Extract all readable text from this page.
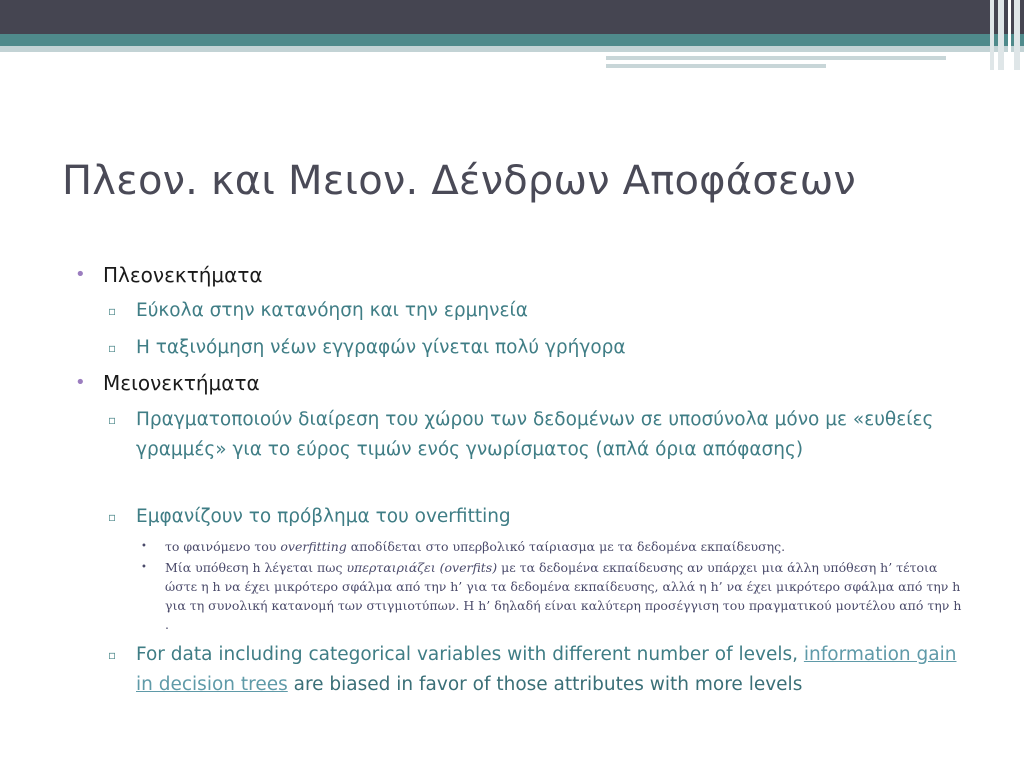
Πλεον. και Μειον. Δένδρων Αποφάσεων
• Πλεονεκτήματα
▫ Εύκολα στην κατανόηση και την ερμηνεία
▫ Η ταξινόμηση νέων εγγραφών γίνεται πολύ γρήγορα
• Μειονεκτήματα
▫ Πραγματοποιούν διαίρεση του χώρου των δεδομένων σε υποσύνολα μόνο με «ευθείες γραμμές» για το εύρος τιμών ενός γνωρίσματος (απλά όρια απόφασης)
▫ Εμφανίζουν το πρόβλημα του overfitting
• το φαινόμενο του overfitting αποδίδεται στο υπερβολικό ταίριασμα με τα δεδομένα εκπαίδευσης.
• Μία υπόθεση h λέγεται πως υπερταιριάζει (overfits) με τα δεδομένα εκπαίδευσης αν υπάρχει μια άλλη υπόθεση h’ τέτοια ώστε η h να έχει μικρότερο σφάλμα από την h’ για τα δεδομένα εκπαίδευσης, αλλά η h’ να έχει μικρότερο σφάλμα από την h για τη συνολική κατανομή των στιγμιοτύπων. Η h’ δηλαδή είναι καλύτερη προσέγγιση του πραγματικού μοντέλου από την h .
▫ For data including categorical variables with different number of levels, information gain in decision trees are biased in favor of those attributes with more levels
